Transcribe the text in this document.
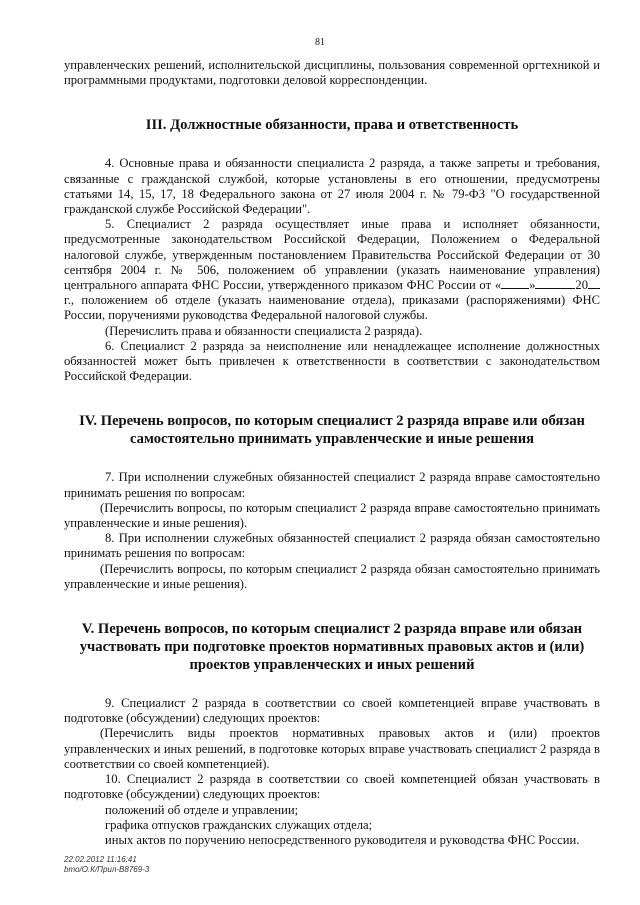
81

управленческих решений, исполнительской дисциплины, пользования современной оргтехникой и программными продуктами, подготовки деловой корреспонденции.

III. Должностные обязанности, права и ответственность

4. Основные права и обязанности специалиста 2 разряда, а также запреты и требования, связанные с гражданской службой, которые установлены в его отношении, предусмотрены статьями 14, 15, 17, 18 Федерального закона от 27 июля 2004 г. № 79-ФЗ "О государственной гражданской службе Российской Федерации".

5. Специалист 2 разряда осуществляет иные права и исполняет обязанности, предусмотренные законодательством Российской Федерации, Положением о Федеральной налоговой службе, утвержденным постановлением Правительства Российской Федерации от 30 сентября 2004 г. № 506, положением об управлении (указать наименование управления) центрального аппарата ФНС России, утвержденного приказом ФНС России от « »	20г., положением об отделе (указать наименование отдела), приказами (распоряжениями) ФНС России, поручениями руководства Федеральной налоговой службы.

(Перечислить права и обязанности специалиста 2 разряда).

6. Специалист 2 разряда за неисполнение или ненадлежащее исполнение должностных обязанностей может быть привлечен к ответственности в соответствии с законодательством Российской Федерации.

IV. Перечень вопросов, по которым специалист 2 разряда вправе или обязан
самостоятельно принимать управленческие и иные решения

7. При исполнении служебных обязанностей специалист 2 разряда вправе самостоятельно принимать решения по вопросам:

(Перечислить вопросы, по которым специалист 2 разряда вправе самостоятельно принимать управленческие и иные решения).

8. При исполнении служебных обязанностей специалист 2 разряда обязан самостоятельно принимать решения по вопросам:

(Перечислить вопросы, по которым специалист 2 разряда обязан самостоятельно принимать управленческие и иные решения).

V. Перечень вопросов, по которым специалист 2 разряда вправе или обязан
участвовать при подготовке проектов нормативных правовых актов и (или)
проектов управленческих и иных решений

9. Специалист 2 разряда в соответствии со своей компетенцией вправе участвовать в подготовке (обсуждении) следующих проектов:

(Перечислить виды проектов нормативных правовых актов и (или) проектов управленческих и иных решений, в подготовке которых вправе участвовать специалист 2 разряда в соответствии со своей компетенцией).

10. Специалист 2 разряда в соответствии со своей компетенцией обязан участвовать в подготовке (обсуждении) следующих проектов:

положений об отделе и управлении;

графика отпусков гражданских служащих отдела;

иных актов по поручению непосредственного руководителя и руководства ФНС России.

22.02.2012 11:16:41
bmo/О.К/Прил-B8769-3
